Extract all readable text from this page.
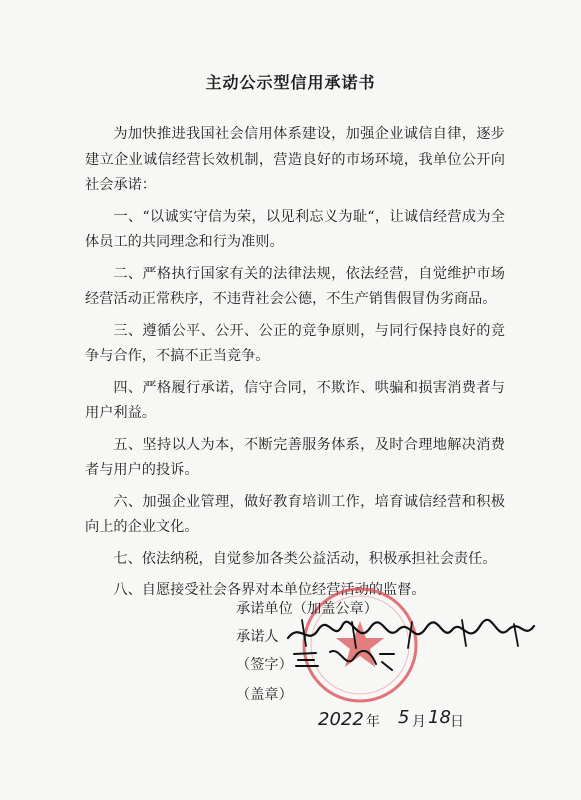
主动公示型信用承诺书

为加快推进我国社会信用体系建设，加强企业诚信自律，逐步建立企业诚信经营长效机制，营造良好的市场环境，我单位公开向社会承诺：

一、“以诚实守信为荣，以见利忘义为耻“，让诚信经营成为全体员工的共同理念和行为准则。

二、严格执行国家有关的法律法规，依法经营，自觉维护市场经营活动正常秩序，不违背社会公德，不生产销售假冒伪劣商品。

三、遵循公平、公开、公正的竞争原则，与同行保持良好的竞争与合作，不搞不正当竞争。

四、严格履行承诺，信守合同，不欺诈、哄骗和损害消费者与用户利益。

五、坚持以人为本，不断完善服务体系，及时合理地解决消费者与用户的投诉。

六、加强企业管理，做好教育培训工作，培育诚信经营和积极向上的企业文化。

七、依法纳税，自觉参加各类公益活动，积极承担社会责任。

八、自愿接受社会各界对本单位经营活动的监督。

承诺单位（加盖公章）
承诺人
（签字）
（盖章）
2022 年 5 月 18 日
